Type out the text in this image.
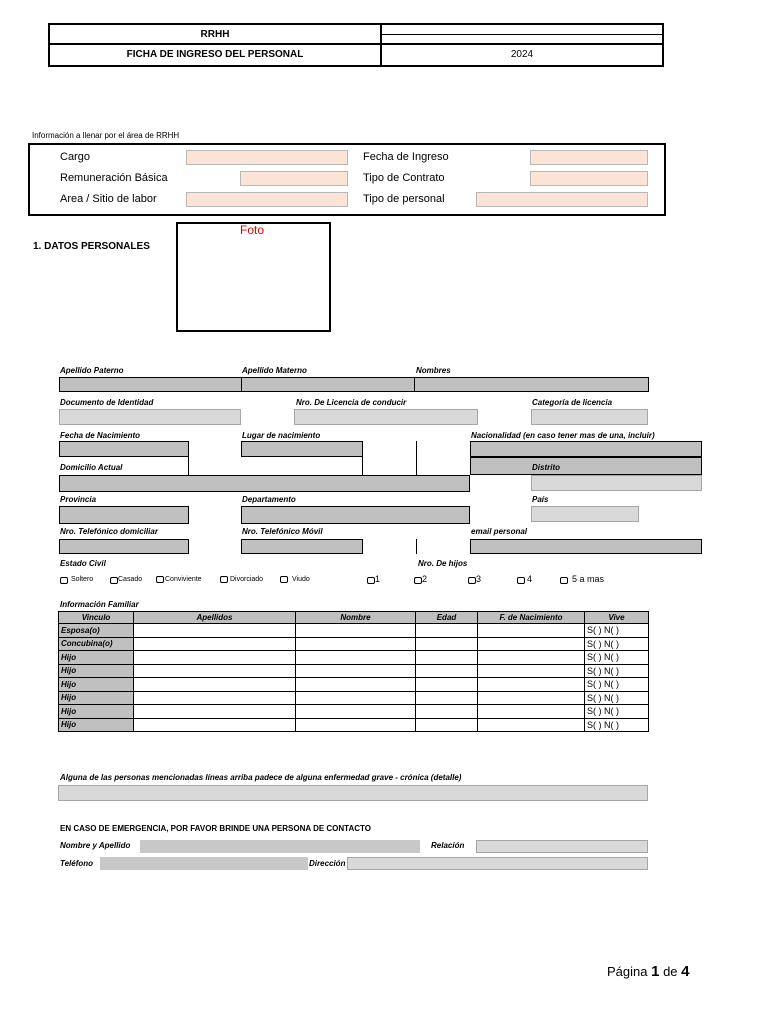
RRHH
FICHA DE INGRESO DEL PERSONAL	2024
Información a llenar por el área de RRHH
Cargo	Fecha de Ingreso
Remuneración Básica	Tipo de Contrato
Area / Sitio de labor	Tipo de personal
1. DATOS PERSONALES
Foto
Apellido Paterno	Apellido Materno	Nombres
Documento de Identidad	Nro. De Licencia de conducir	Categoría de licencia
Fecha de Nacimiento	Lugar de nacimiento	Nacionalidad (en caso tener mas de una, incluir)
Domicilio Actual	Distrito
Provincia	Departamento	País
Nro. Telefónico domiciliar	Nro. Telefónico Móvil	email personal
Estado Civil	Nro. De hijos
Soltero	Casado	Conviviente	Divorciado	Viudo	1	2	3	4	5 a mas
Información Familiar
Vinculo	Apellidos	Nombre	Edad	F. de Nacimiento	Vive
Esposa(o)					S( ) N( )
Concubina(o)					S( ) N( )
Hijo					S( ) N( )
Hijo					S( ) N( )
Hijo					S( ) N( )
Hijo					S( ) N( )
Hijo					S( ) N( )
Hijo					S( ) N( )
Alguna de las personas mencionadas líneas arriba padece de alguna enfermedad grave - crónica (detalle)
EN CASO DE EMERGENCIA, POR FAVOR BRINDE UNA PERSONA DE CONTACTO
Nombre y Apellido	Relación
Teléfono	Dirección
Página 1 de 4
